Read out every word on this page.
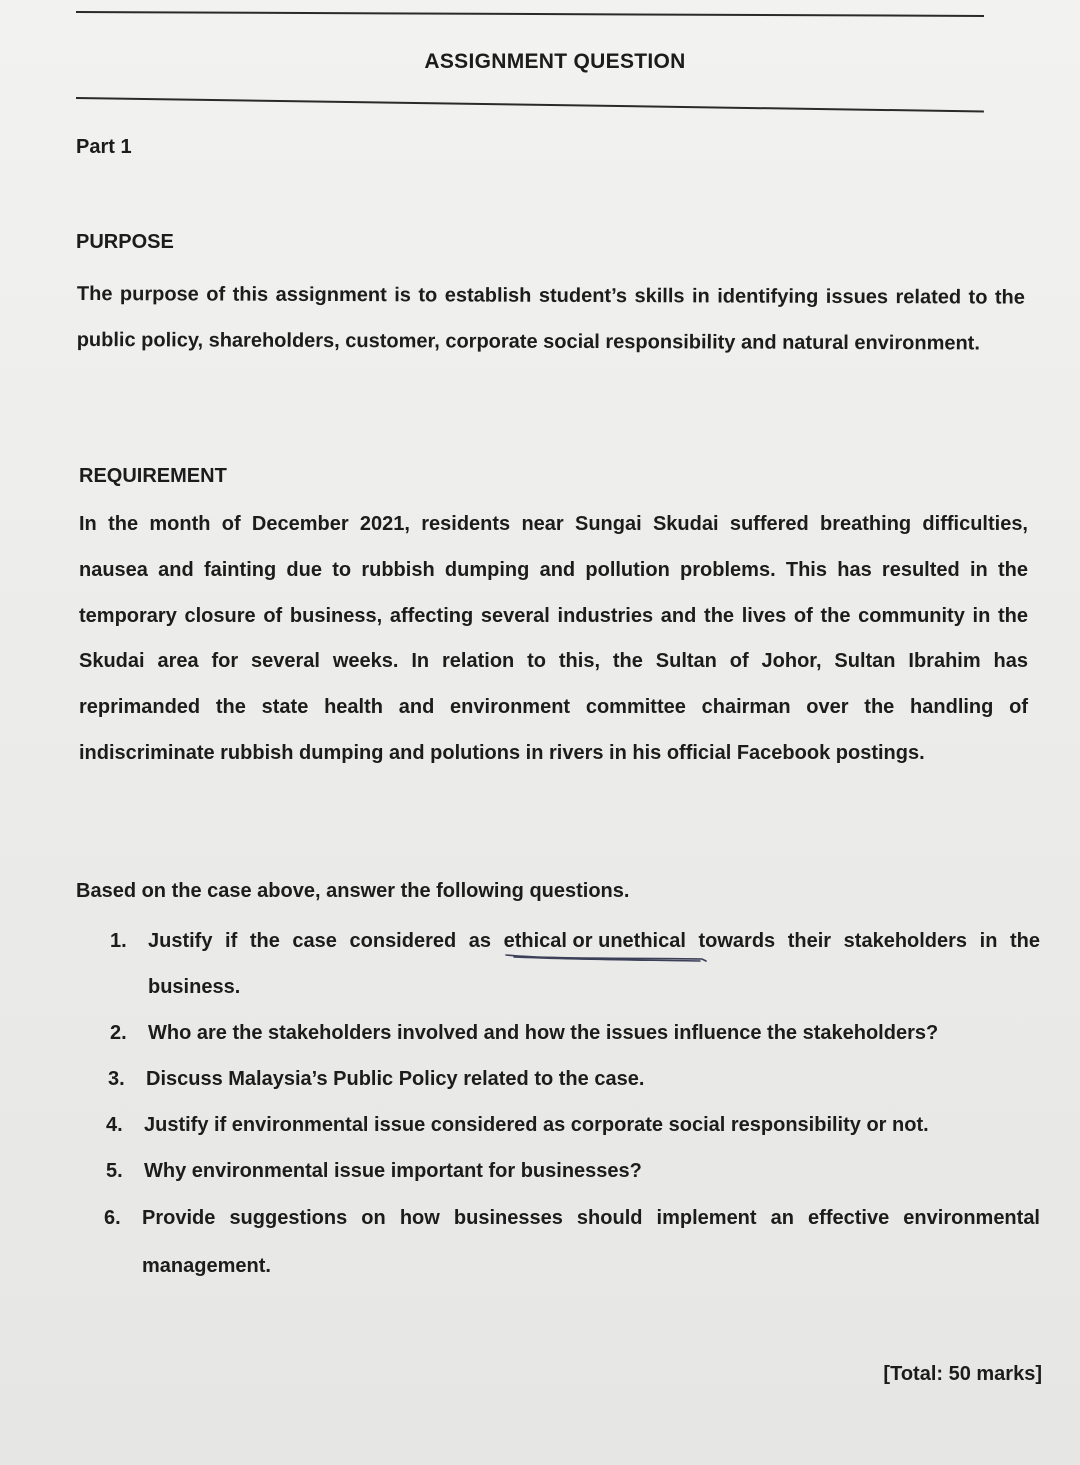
ASSIGNMENT QUESTION
Part 1
PURPOSE
The purpose of this assignment is to establish student’s skills in identifying issues related to the public policy, shareholders, customer, corporate social responsibility and natural environment.
REQUIREMENT
In the month of December 2021, residents near Sungai Skudai suffered breathing difficulties, nausea and fainting due to rubbish dumping and pollution problems. This has resulted in the temporary closure of business, affecting several industries and the lives of the community in the Skudai area for several weeks. In relation to this, the Sultan of Johor, Sultan Ibrahim has reprimanded the state health and environment committee chairman over the handling of indiscriminate rubbish dumping and polutions in rivers in his official Facebook postings.
Based on the case above, answer the following questions.
1. Justify if the case considered as ethical or unethical
towards their stakeholders in the business.
2. Who are the stakeholders involved and how the issues influence the stakeholders?
3. Discuss Malaysia’s Public Policy related to the case.
4. Justify if environmental issue considered as corporate social responsibility or not.
5. Why environmental issue important for businesses?
6. Provide suggestions on how businesses should implement an effective environmental management.
[Total: 50 marks]
